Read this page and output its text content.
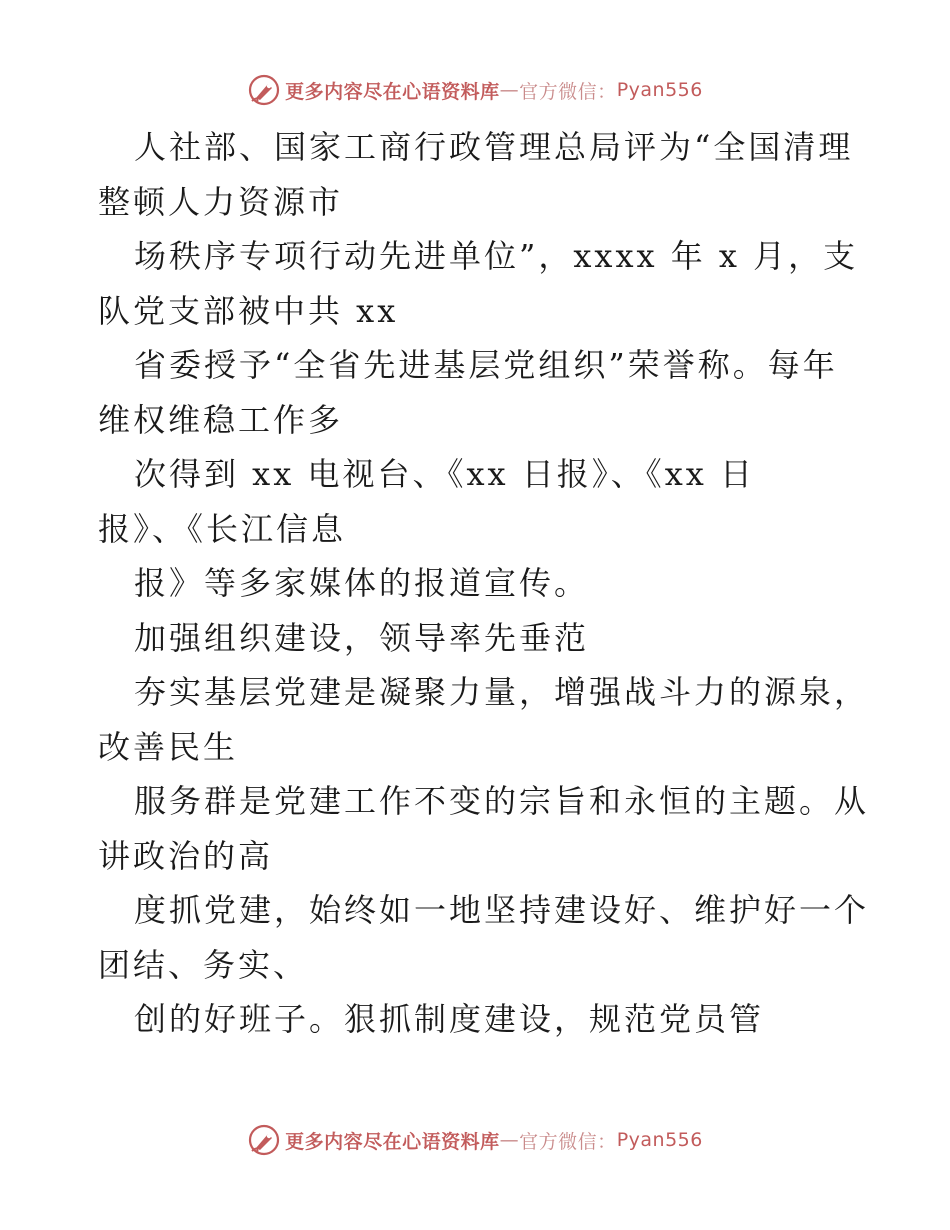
更多内容尽在心语资料库 — 官方微信： Pyan556
人社部、国家工商行政管理总局评为“全国清理
整顿人力资源市
场秩序专项行动先进单位”，xxxx 年 x 月，支
队党支部被中共 xx
省委授予“全省先进基层党组织”荣誉称。每年
维权维稳工作多
次得到 xx 电视台、《xx 日报》、《xx 日
报》、《长江信息
报》等多家媒体的报道宣传。
加强组织建设，领导率先垂范
夯实基层党建是凝聚力量，增强战斗力的源泉，
改善民生
服务群是党建工作不变的宗旨和永恒的主题。从
讲政治的高
度抓党建，始终如一地坚持建设好、维护好一个
团结、务实、
创的好班子。狠抓制度建设，规范党员管
更多内容尽在心语资料库 — 官方微信： Pyan556
